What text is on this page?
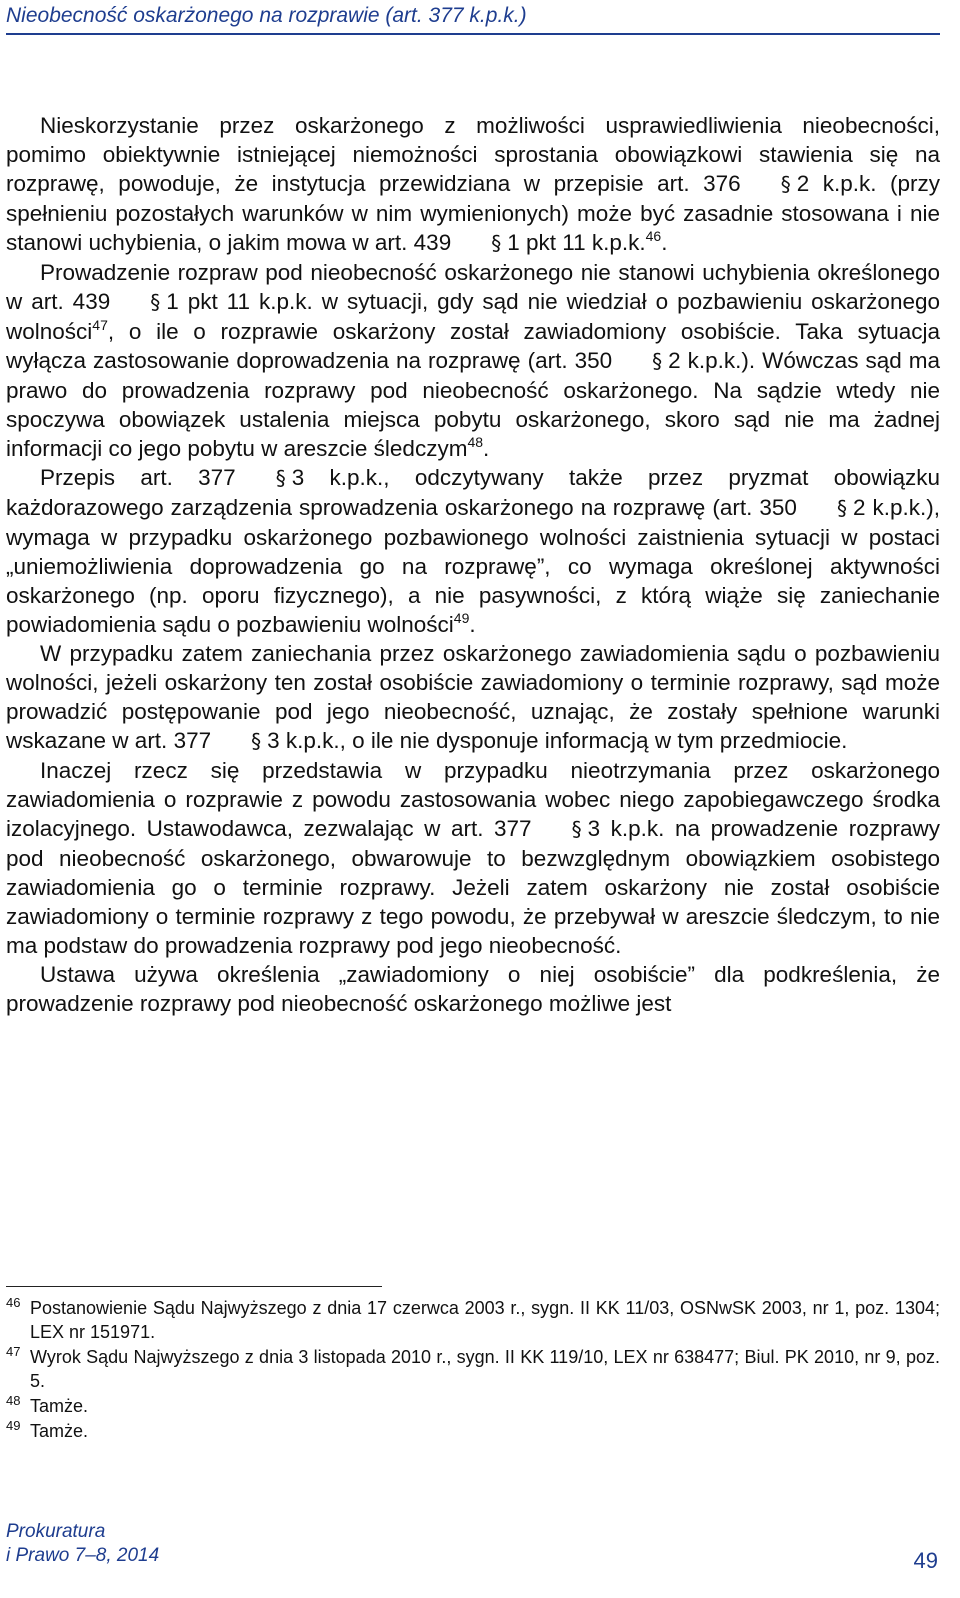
Nieobecność oskarżonego na rozprawie (art. 377 k.p.k.)

Nieskorzystanie przez oskarżonego z możliwości usprawiedliwienia nieobecności, pomimo obiektywnie istniejącej niemożności sprostania obowiązkowi stawienia się na rozprawę, powoduje, że instytucja przewidziana w przepisie art. 376 § 2 k.p.k. (przy spełnieniu pozostałych warunków w nim wymienionych) może być zasadnie stosowana i nie stanowi uchybienia, o jakim mowa w art. 439 § 1 pkt 11 k.p.k.$^{46}$.

Prowadzenie rozpraw pod nieobecność oskarżonego nie stanowi uchybienia określonego w art. 439 § 1 pkt 11 k.p.k. w sytuacji, gdy sąd nie wiedział o pozbawieniu oskarżonego wolności$^{47}$, o ile o rozprawie oskarżony został zawiadomiony osobiście. Taka sytuacja wyłącza zastosowanie doprowadzenia na rozprawę (art. 350 § 2 k.p.k.). Wówczas sąd ma prawo do prowadzenia rozprawy pod nieobecność oskarżonego. Na sądzie wtedy nie spoczywa obowiązek ustalenia miejsca pobytu oskarżonego, skoro sąd nie ma żadnej informacji co jego pobytu w areszcie śledczym$^{48}$.

Przepis art. 377 § 3 k.p.k., odczytywany także przez pryzmat obowiązku każdorazowego zarządzenia sprowadzenia oskarżonego na rozprawę (art. 350 § 2 k.p.k.), wymaga w przypadku oskarżonego pozbawionego wolności zaistnienia sytuacji w postaci „uniemożliwienia doprowadzenia go na rozprawę”, co wymaga określonej aktywności oskarżonego (np. oporu fizycznego), a nie pasywności, z którą wiąże się zaniechanie powiadomienia sądu o pozbawieniu wolności$^{49}$.

W przypadku zatem zaniechania przez oskarżonego zawiadomienia sądu o pozbawieniu wolności, jeżeli oskarżony ten został osobiście zawiadomiony o terminie rozprawy, sąd może prowadzić postępowanie pod jego nieobecność, uznając, że zostały spełnione warunki wskazane w art. 377 § 3 k.p.k., o ile nie dysponuje informacją w tym przedmiocie.

Inaczej rzecz się przedstawia w przypadku nieotrzymania przez oskarżonego zawiadomienia o rozprawie z powodu zastosowania wobec niego zapobiegawczego środka izolacyjnego. Ustawodawca, zezwalając w art. 377 § 3 k.p.k. na prowadzenie rozprawy pod nieobecność oskarżonego, obwarowuje to bezwzględnym obowiązkiem osobistego zawiadomienia go o terminie rozprawy. Jeżeli zatem oskarżony nie został osobiście zawiadomiony o terminie rozprawy z tego powodu, że przebywał w areszcie śledczym, to nie ma podstaw do prowadzenia rozprawy pod jego nieobecność.

Ustawa używa określenia „zawiadomiony o niej osobiście” dla podkreślenia, że prowadzenie rozprawy pod nieobecność oskarżonego możliwe jest

$^{46}$ Postanowienie Sądu Najwyższego z dnia 17 czerwca 2003 r., sygn. II KK 11/03, OSNwSK 2003, nr 1, poz. 1304; LEX nr 151971.
$^{47}$ Wyrok Sądu Najwyższego z dnia 3 listopada 2010 r., sygn. II KK 119/10, LEX nr 638477; Biul. PK 2010, nr 9, poz. 5.
$^{48}$ Tamże.
$^{49}$ Tamże.
Prokuratura
i Prawo 7–8, 2014	49
